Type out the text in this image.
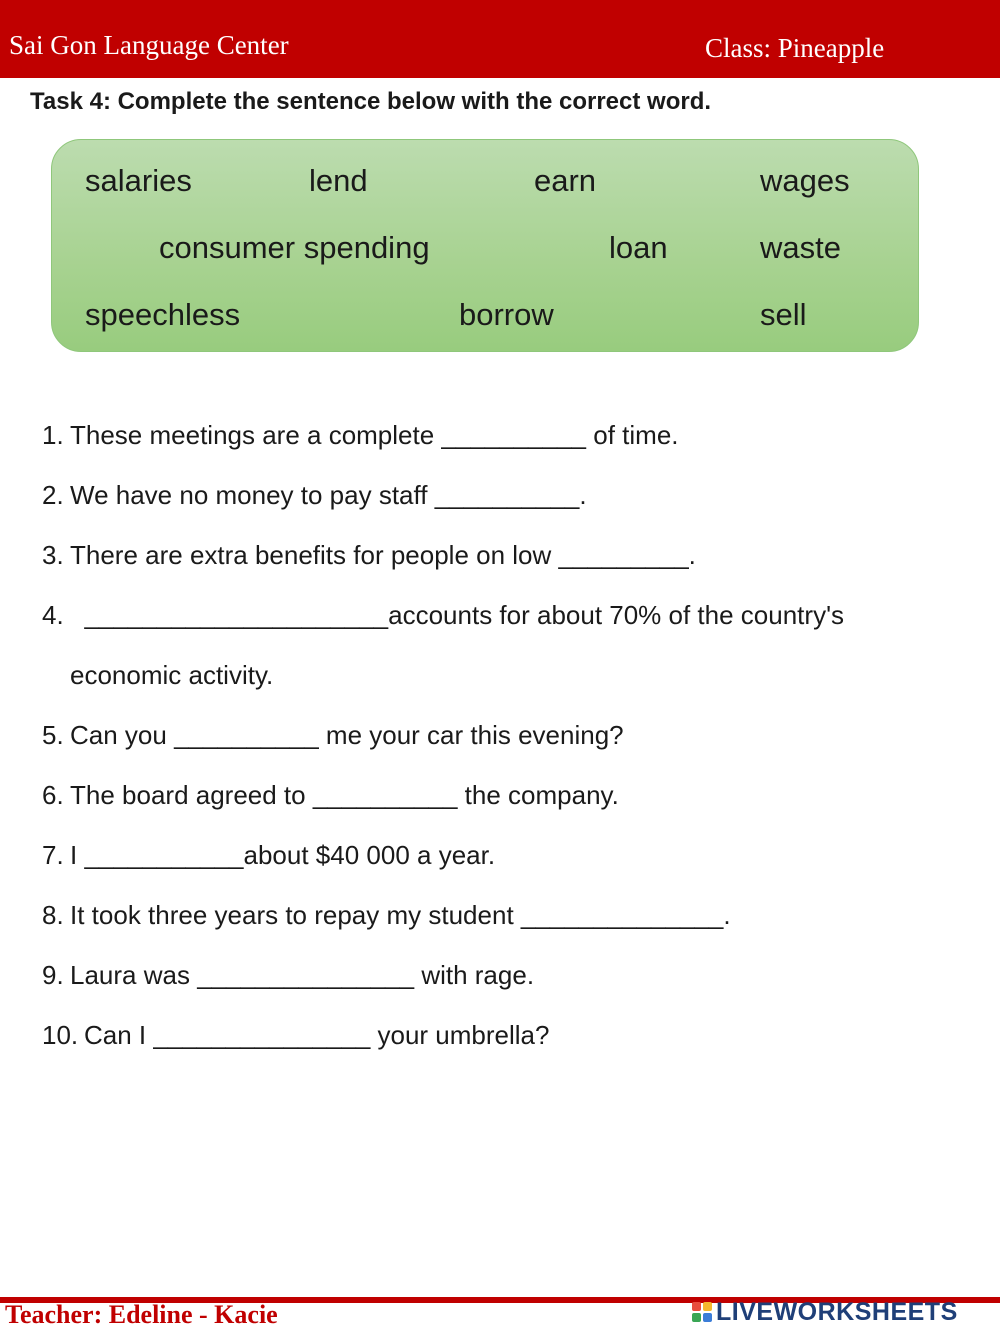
Sai Gon Language Center	Class: Pineapple
Task 4: Complete the sentence below with the correct word.
salaries	lend	earn	wages
consumer spending	loan	waste
speechless	borrow	sell
1. These meetings are a complete __________ of time.
2. We have no money to pay staff __________.
3. There are extra benefits for people on low _________.
4. _____________________accounts for about 70% of the country's
economic activity.
5. Can you __________ me your car this evening?
6. The board agreed to __________ the company.
7. I ___________about $40 000 a year.
8. It took three years to repay my student ______________.
9. Laura was _______________ with rage.
10. Can I _______________ your umbrella?
Teacher: Edeline - Kacie	LIVEWORKSHEETS
